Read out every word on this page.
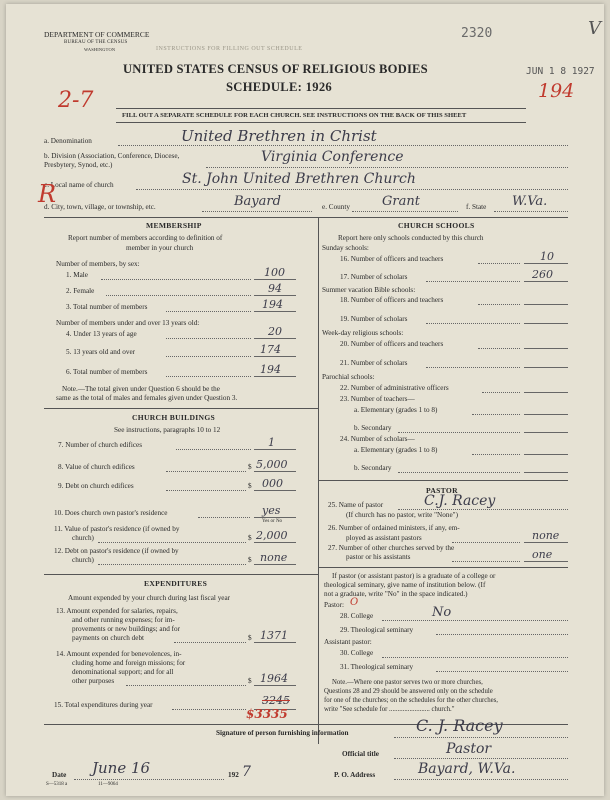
DEPARTMENT OF COMMERCE
BUREAU OF THE CENSUS
WASHINGTON
2320	V
INSTRUCTIONS FOR FILLING OUT SCHEDULE
UNITED STATES CENSUS OF RELIGIOUS BODIES	JUN 1 8 1927
SCHEDULE: 1926
2-7	194
FILL OUT A SEPARATE SCHEDULE FOR EACH CHURCH. SEE INSTRUCTIONS ON THE BACK OF THIS SHEET
a. Denomination	United Brethren in Christ
b. Division (Association, Conference, Diocese, Presbytery, Synod, etc.)	Virginia Conference
c. Local name of church	St. John United Brethren Church
R
d. City, town, village, or township, etc.	Bayard	e. County Grant	f. State W.Va.
MEMBERSHIP
Report number of members according to definition of
member in your church
Number of members, by sex:
1. Male	100
2. Female	94
3. Total number of members	194
Number of members under and over 13 years old:
4. Under 13 years of age	20
5. 13 years old and over	174
6. Total number of members	194
Note.—The total given under Question 6 should be the
same as the total of males and females given under Question 3.
CHURCH BUILDINGS
See instructions, paragraphs 10 to 12
7. Number of church edifices	1
8. Value of church edifices	$ 5,000
9. Debt on church edifices	$ 000
10. Does church own pastor's residence	yes
Yes or No
11. Value of pastor's residence (if owned by
church)	$ 2,000
12. Debt on pastor's residence (if owned by
church)	$ none
EXPENDITURES
Amount expended by your church during last fiscal year
13. Amount expended for salaries, repairs,
and other running expenses; for im-
provements or new buildings; and for
payments on church debt	$ 1371
14. Amount expended for benevolences, in-
cluding home and foreign missions; for
denominational support; and for all
other purposes	$ 1964
15. Total expenditures during year	3245
$3335
CHURCH SCHOOLS
Report here only schools conducted by this church
Sunday schools:
16. Number of officers and teachers	10
17. Number of scholars	260
Summer vacation Bible schools:
18. Number of officers and teachers
19. Number of scholars
Week-day religious schools:
20. Number of officers and teachers
21. Number of scholars
Parochial schools:
22. Number of administrative officers
23. Number of teachers—
a. Elementary (grades 1 to 8)
b. Secondary
24. Number of scholars—
a. Elementary (grades 1 to 8)
b. Secondary
PASTOR
25. Name of pastor	C.J. Racey
(If church has no pastor, write "None")
26. Number of ordained ministers, if any, em-
ployed as assistant pastors	none
27. Number of other churches served by the
pastor or his assistants	one
If pastor (or assistant pastor) is a graduate of a college or
theological seminary, give name of institution below. (If
not a graduate, write "No" in the space indicated.)
Pastor: O
28. College	No
29. Theological seminary
Assistant pastor:
30. College
31. Theological seminary
Note.—Where one pastor serves two or more churches,
Questions 28 and 29 should be answered only on the schedule
for one of the churches; on the schedules for the other churches,
write "See schedule for ........................ church."
Signature of person furnishing information	C. J. Racey
Official title	Pastor
Date June 16	192 7	P. O. Address	Bayard, W.Va.
S—5318 a	11—9064
